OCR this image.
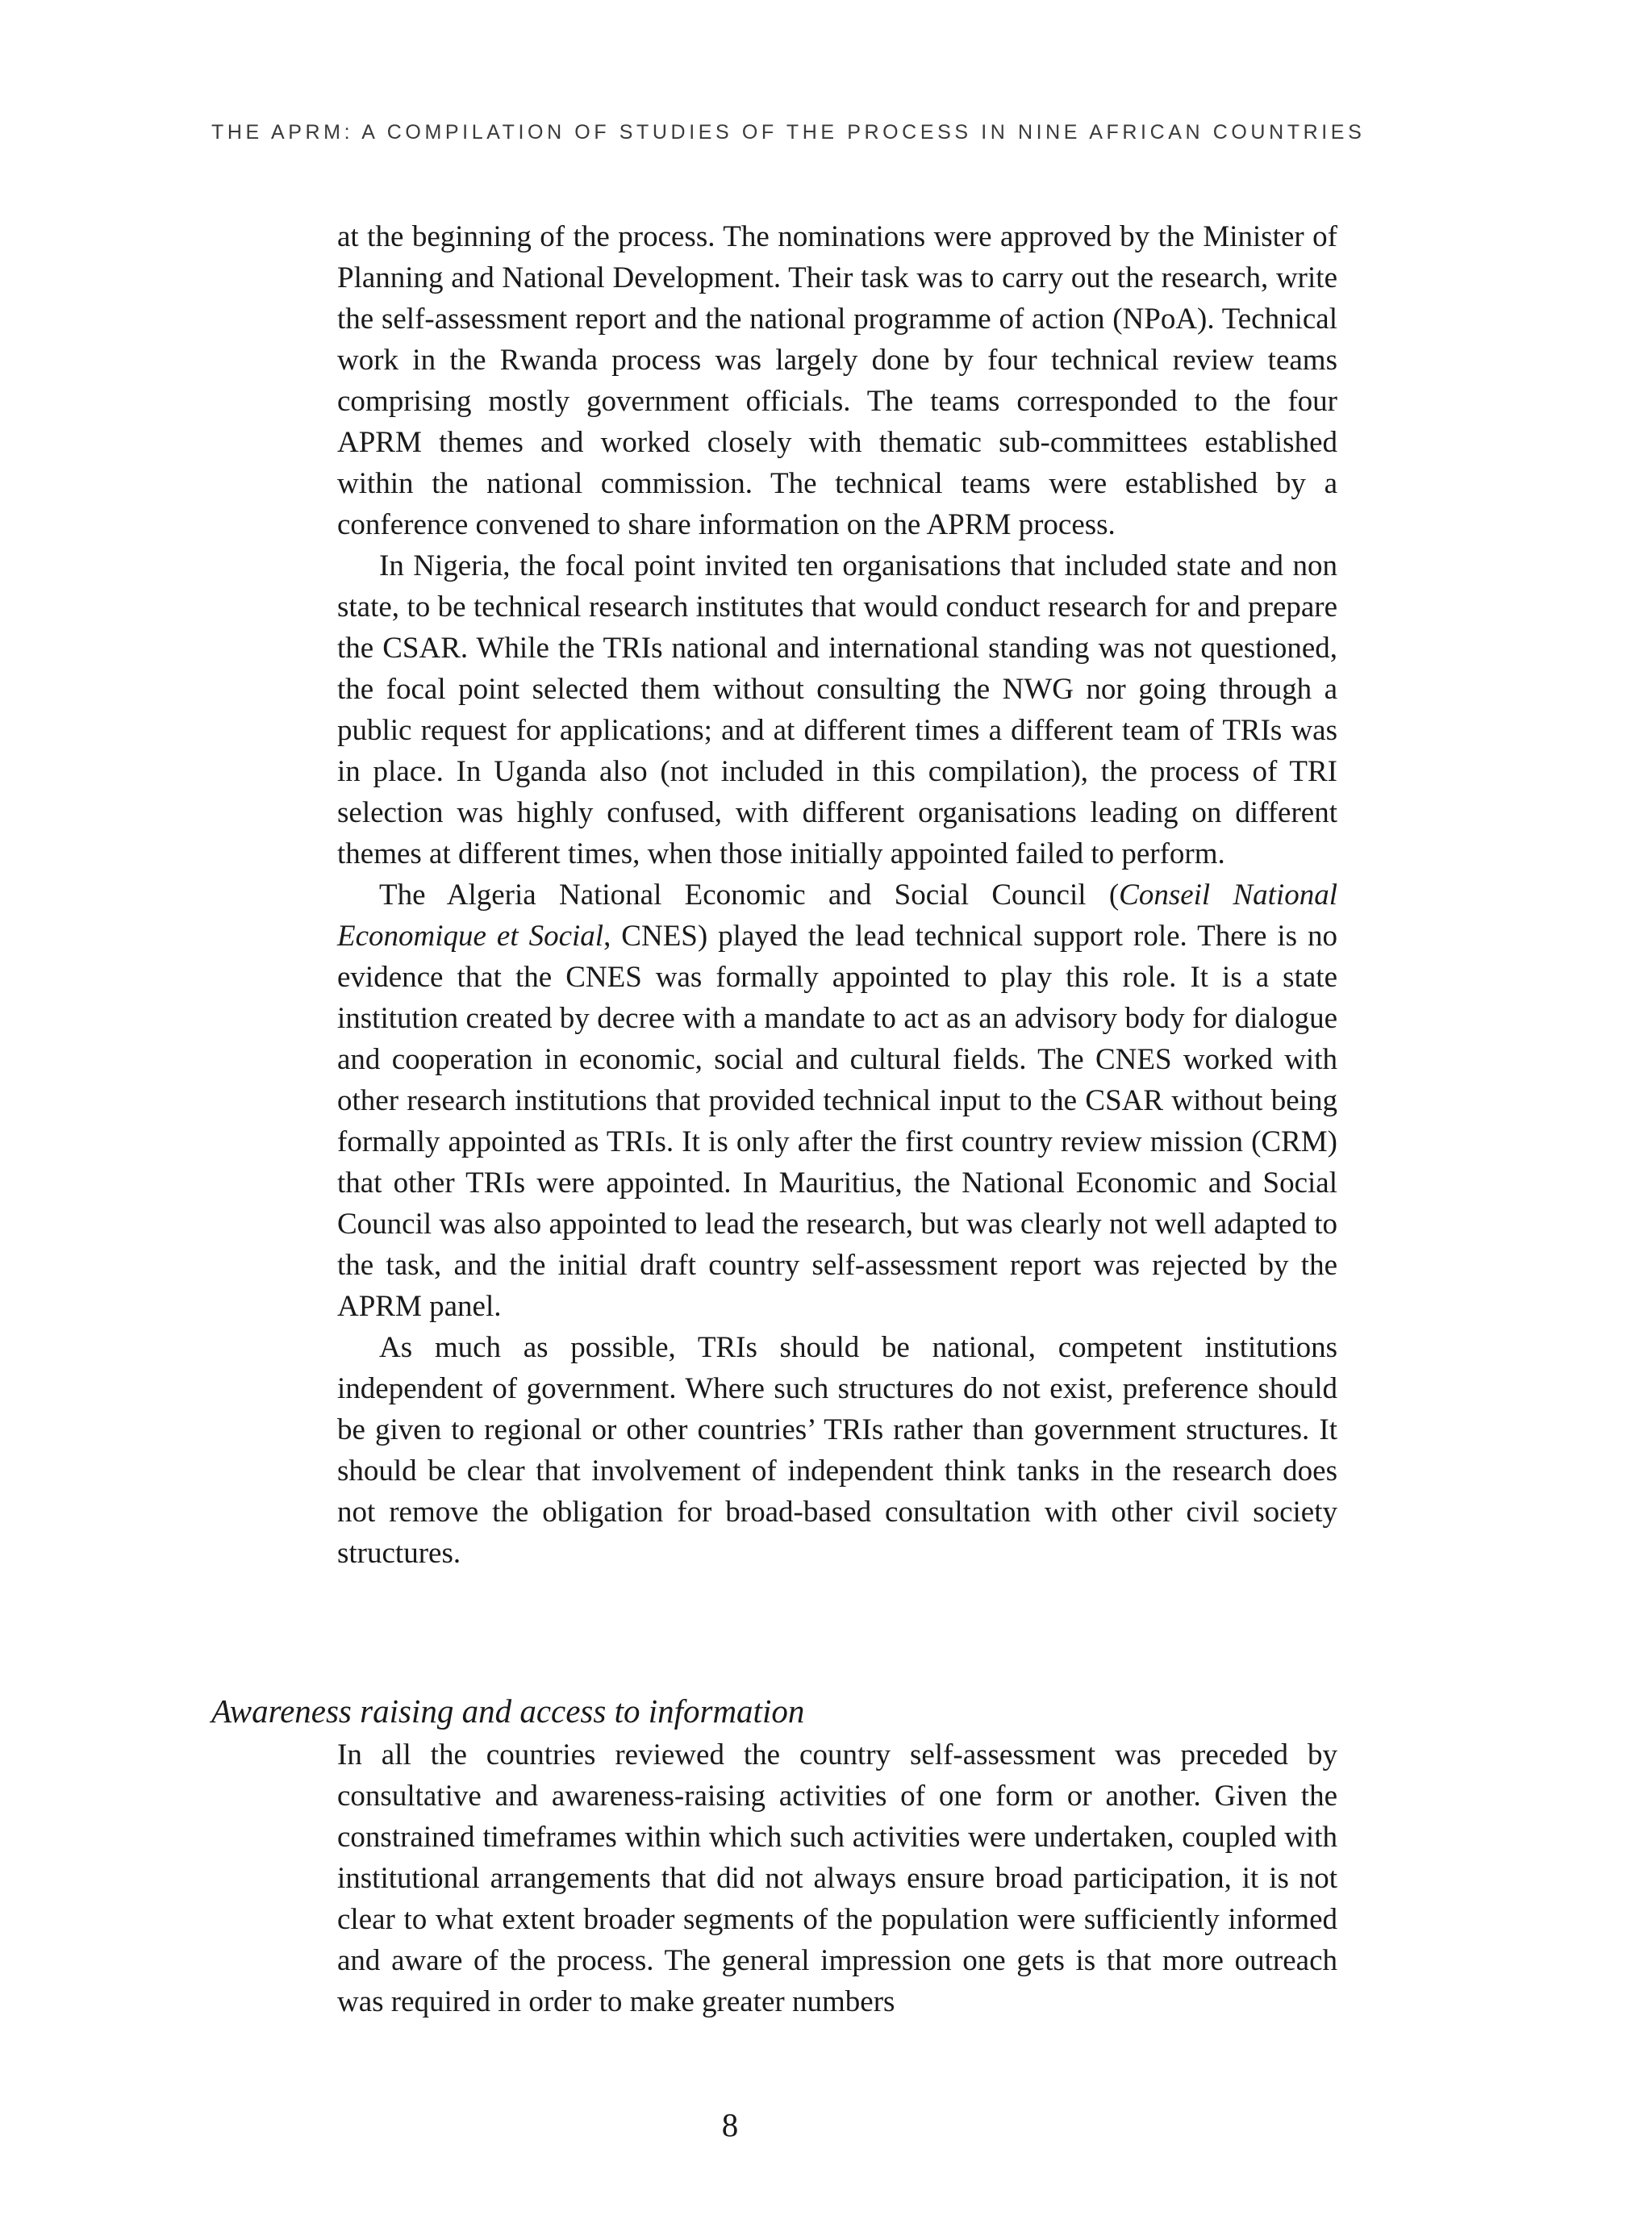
THE APRM: A COMPILATION OF STUDIES OF THE PROCESS IN NINE AFRICAN COUNTRIES

at the beginning of the process. The nominations were approved by the Minister of Planning and National Development. Their task was to carry out the research, write the self-assessment report and the national programme of action (NPoA). Technical work in the Rwanda process was largely done by four technical review teams comprising mostly government officials. The teams corresponded to the four APRM themes and worked closely with thematic sub-committees established within the national commission. The technical teams were established by a conference convened to share information on the APRM process.

In Nigeria, the focal point invited ten organisations that included state and non state, to be technical research institutes that would conduct research for and prepare the CSAR. While the TRIs national and international standing was not questioned, the focal point selected them without consulting the NWG nor going through a public request for applications; and at different times a different team of TRIs was in place. In Uganda also (not included in this compilation), the process of TRI selection was highly confused, with different organisations leading on different themes at different times, when those initially appointed failed to perform.

The Algeria National Economic and Social Council (Conseil National Economique et Social, CNES) played the lead technical support role. There is no evidence that the CNES was formally appointed to play this role. It is a state institution created by decree with a mandate to act as an advisory body for dialogue and cooperation in economic, social and cultural fields. The CNES worked with other research institutions that provided technical input to the CSAR without being formally appointed as TRIs. It is only after the first country review mission (CRM) that other TRIs were appointed. In Mauritius, the National Economic and Social Council was also appointed to lead the research, but was clearly not well adapted to the task, and the initial draft country self-assessment report was rejected by the APRM panel.

As much as possible, TRIs should be national, competent institutions independent of government. Where such structures do not exist, preference should be given to regional or other countries’ TRIs rather than government structures. It should be clear that involvement of independent think tanks in the research does not remove the obligation for broad-based consultation with other civil society structures.

Awareness raising and access to information

In all the countries reviewed the country self-assessment was preceded by consultative and awareness-raising activities of one form or another. Given the constrained timeframes within which such activities were undertaken, coupled with institutional arrangements that did not always ensure broad participation, it is not clear to what extent broader segments of the population were sufficiently informed and aware of the process. The general impression one gets is that more outreach was required in order to make greater numbers

8
